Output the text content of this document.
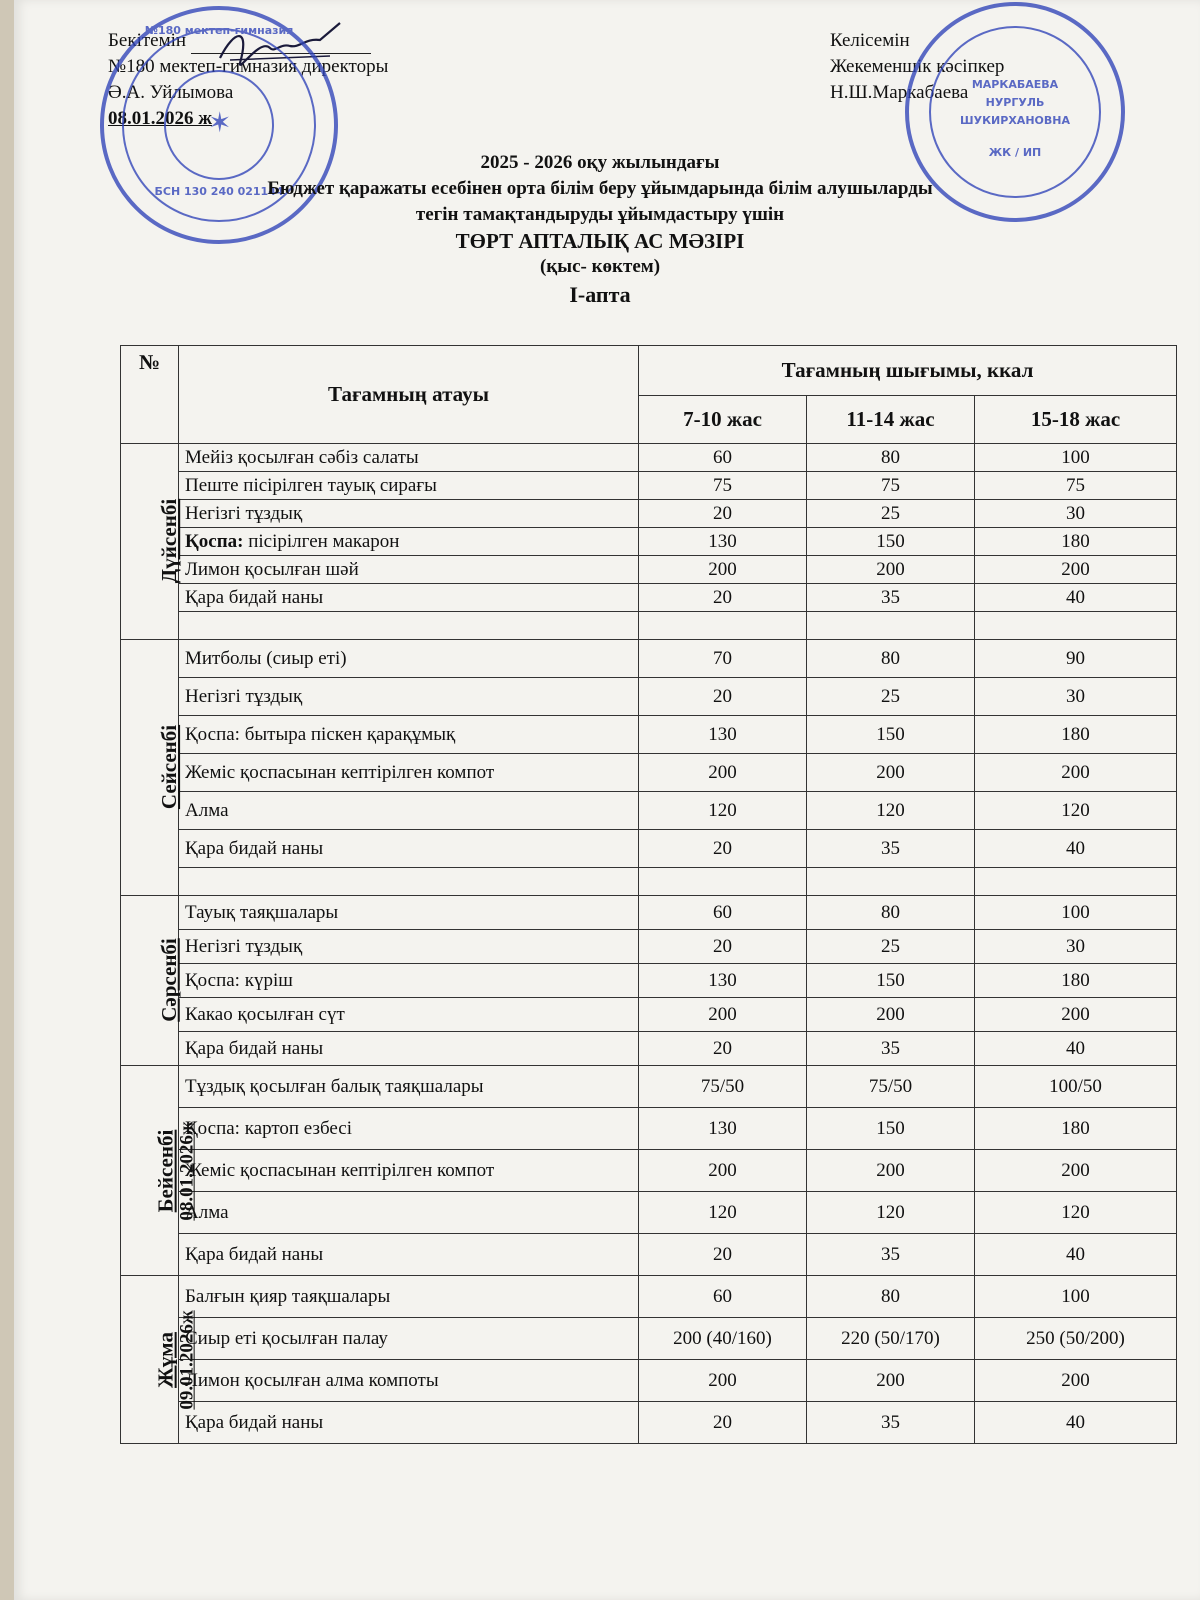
Бекітемін
№180 мектеп-гимназия директоры
Ә.А. Уйлымова
08.01.2026 ж
Келісемін
Жекеменшік кәсіпкер
Н.Ш.Маркабаева
№180 мектеп-гимназия
БСН 130 240 021144
✶
МАРКАБАЕВА
НУРГУЛЬ
ШУКИРХАНОВНА
ЖК / ИП
2025 - 2026 оқу жылындағы
Бюджет қаражаты есебінен орта білім беру ұйымдарында білім алушыларды
тегін тамақтандыруды ұйымдастыру үшін
ТӨРТ АПТАЛЫҚ АС МӘЗІРІ
(қыс- көктем)
I-апта
№	Тағамның атауы	Тағамның шығымы, ккал		
		7-10 жас	11-14 жас	15-18 жас
Дүйсенбі	Мейіз қосылған сәбіз салаты	60	80	100
	Пеште пісірілген тауық сирағы	75	75	75
	Негізгі тұздық	20	25	30
	Қоспа: пісірілген макарон	130	150	180
	Лимон қосылған шәй	200	200	200
	Қара бидай наны	20	35	40

Сейсенбі	Митболы (сиыр еті)	70	80	90
	Негізгі тұздық	20	25	30
	Қоспа: бытыра піскен қарақұмық	130	150	180
	Жеміс қоспасынан кептірілген компот	200	200	200
	Алма	120	120	120
	Қара бидай наны	20	35	40

Сәрсенбі	Тауық таяқшалары	60	80	100
	Негізгі тұздық	20	25	30
	Қоспа: күріш	130	150	180
	Какао қосылған сүт	200	200	200
	Қара бидай наны	20	35	40
Бейсенбі 08.01.2026ж	Тұздық қосылған балық таяқшалары	75/50	75/50	100/50
	Қоспа: картоп езбесі	130	150	180
	Жеміс қоспасынан кептірілген компот	200	200	200
	Алма	120	120	120
	Қара бидай наны	20	35	40
Жұма 09.01.2026ж	Балғын қияр таяқшалары	60	80	100
	Сиыр еті қосылған палау	200 (40/160)	220 (50/170)	250 (50/200)
	Лимон қосылған алма компоты	200	200	200
	Қара бидай наны	20	35	40
